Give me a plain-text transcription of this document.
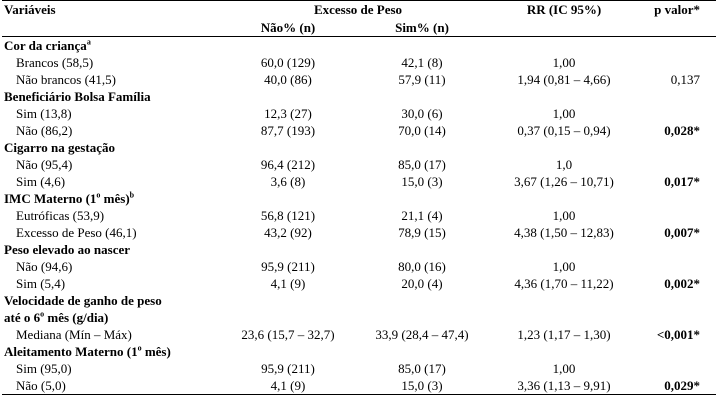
Variáveis	Excesso de Peso		RR (IC 95%)	p valor*
	Não% (n)	Sim% (n)		
Cor da criança$^a$
Brancos (58,5)	60,0 (129)	42,1 (8)	1,00	
Não brancos (41,5)	40,0 (86)	57,9 (11)	1,94 (0,81 – 4,66)	0,137
Beneficiário Bolsa Família				
Sim (13,8)	12,3 (27)	30,0 (6)	1,00	
Não (86,2)	87,7 (193)	70,0 (14)	0,37 (0,15 – 0,94)	0,028*
Cigarro na gestação				
Não (95,4)	96,4 (212)	85,0 (17)	1,0	
Sim (4,6)	3,6 (8)	15,0 (3)	3,67 (1,26 – 10,71)	0,017*
IMC Materno (1$^o$ mês)$^b$
Eutróficas (53,9)	56,8 (121)	21,1 (4)	1,00	
Excesso de Peso (46,1)	43,2 (92)	78,9 (15)	4,38 (1,50 – 12,83)	0,007*
Peso elevado ao nascer				
Não (94,6)	95,9 (211)	80,0 (16)	1,00	
Sim (5,4)	4,1 (9)	20,0 (4)	4,36 (1,70 – 11,22)	0,002*
Velocidade de ganho de peso				
até o 6$^o$ mês (g/dia)				
Mediana (Mín – Máx)	23,6 (15,7 – 32,7)	33,9 (28,4 – 47,4)	1,23 (1,17 – 1,30)	<0,001*
Aleitamento Materno (1$^o$ mês)				
Sim (95,0)	95,9 (211)	85,0 (17)	1,00	
Não (5,0)	4,1 (9)	15,0 (3)	3,36 (1,13 – 9,91)	0,029*
